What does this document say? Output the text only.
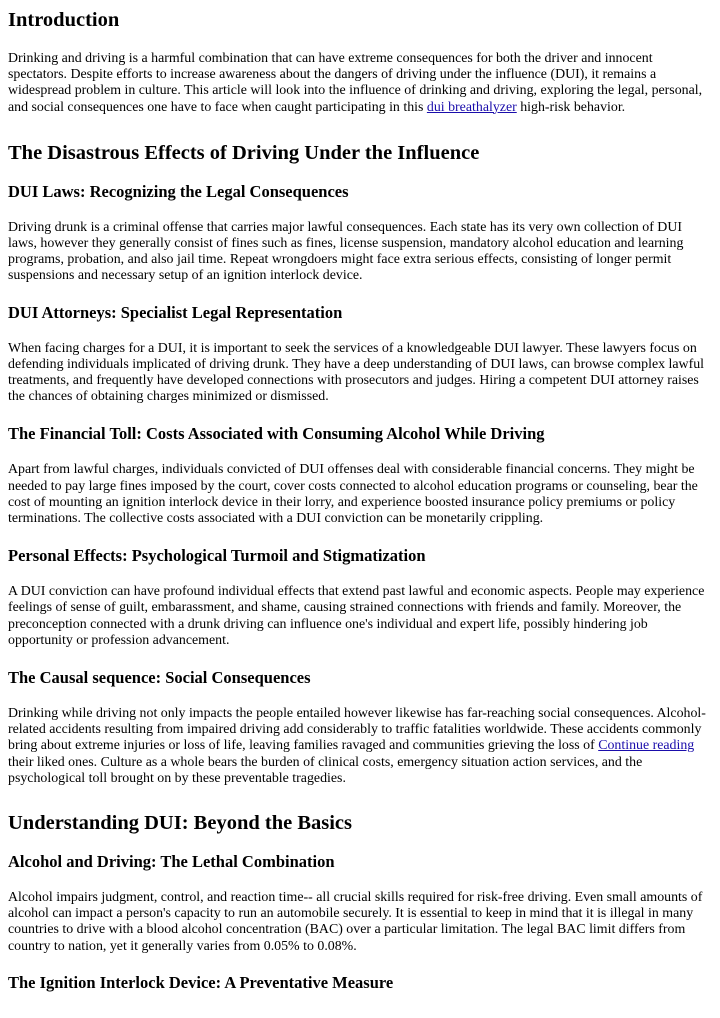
Introduction

Drinking and driving is a harmful combination that can have extreme consequences for both the driver and innocent spectators. Despite efforts to increase awareness about the dangers of driving under the influence (DUI), it remains a widespread problem in culture. This article will look into the influence of drinking and driving, exploring the legal, personal, and social consequences one have to face when caught participating in this dui breathalyzer high-risk behavior.

The Disastrous Effects of Driving Under the Influence
DUI Laws: Recognizing the Legal Consequences

Driving drunk is a criminal offense that carries major lawful consequences. Each state has its very own collection of DUI laws, however they generally consist of fines such as fines, license suspension, mandatory alcohol education and learning programs, probation, and also jail time. Repeat wrongdoers might face extra serious effects, consisting of longer permit suspensions and necessary setup of an ignition interlock device.

DUI Attorneys: Specialist Legal Representation

When facing charges for a DUI, it is important to seek the services of a knowledgeable DUI lawyer. These lawyers focus on defending individuals implicated of driving drunk. They have a deep understanding of DUI laws, can browse complex lawful treatments, and frequently have developed connections with prosecutors and judges. Hiring a competent DUI attorney raises the chances of obtaining charges minimized or dismissed.

The Financial Toll: Costs Associated with Consuming Alcohol While Driving

Apart from lawful charges, individuals convicted of DUI offenses deal with considerable financial concerns. They might be needed to pay large fines imposed by the court, cover costs connected to alcohol education programs or counseling, bear the cost of mounting an ignition interlock device in their lorry, and experience boosted insurance policy premiums or policy terminations. The collective costs associated with a DUI conviction can be monetarily crippling.

Personal Effects: Psychological Turmoil and Stigmatization

A DUI conviction can have profound individual effects that extend past lawful and economic aspects. People may experience feelings of sense of guilt, embarassment, and shame, causing strained connections with friends and family. Moreover, the preconception connected with a drunk driving can influence one's individual and expert life, possibly hindering job opportunity or profession advancement.

The Causal sequence: Social Consequences

Drinking while driving not only impacts the people entailed however likewise has far-reaching social consequences. Alcohol-related accidents resulting from impaired driving add considerably to traffic fatalities worldwide. These accidents commonly bring about extreme injuries or loss of life, leaving families ravaged and communities grieving the loss of Continue reading their liked ones. Culture as a whole bears the burden of clinical costs, emergency situation action services, and the psychological toll brought on by these preventable tragedies.

Understanding DUI: Beyond the Basics
Alcohol and Driving: The Lethal Combination

Alcohol impairs judgment, control, and reaction time-- all crucial skills required for risk-free driving. Even small amounts of alcohol can impact a person's capacity to run an automobile securely. It is essential to keep in mind that it is illegal in many countries to drive with a blood alcohol concentration (BAC) over a particular limitation. The legal BAC limit differs from country to nation, yet it generally varies from 0.05% to 0.08%.

The Ignition Interlock Device: A Preventative Measure
